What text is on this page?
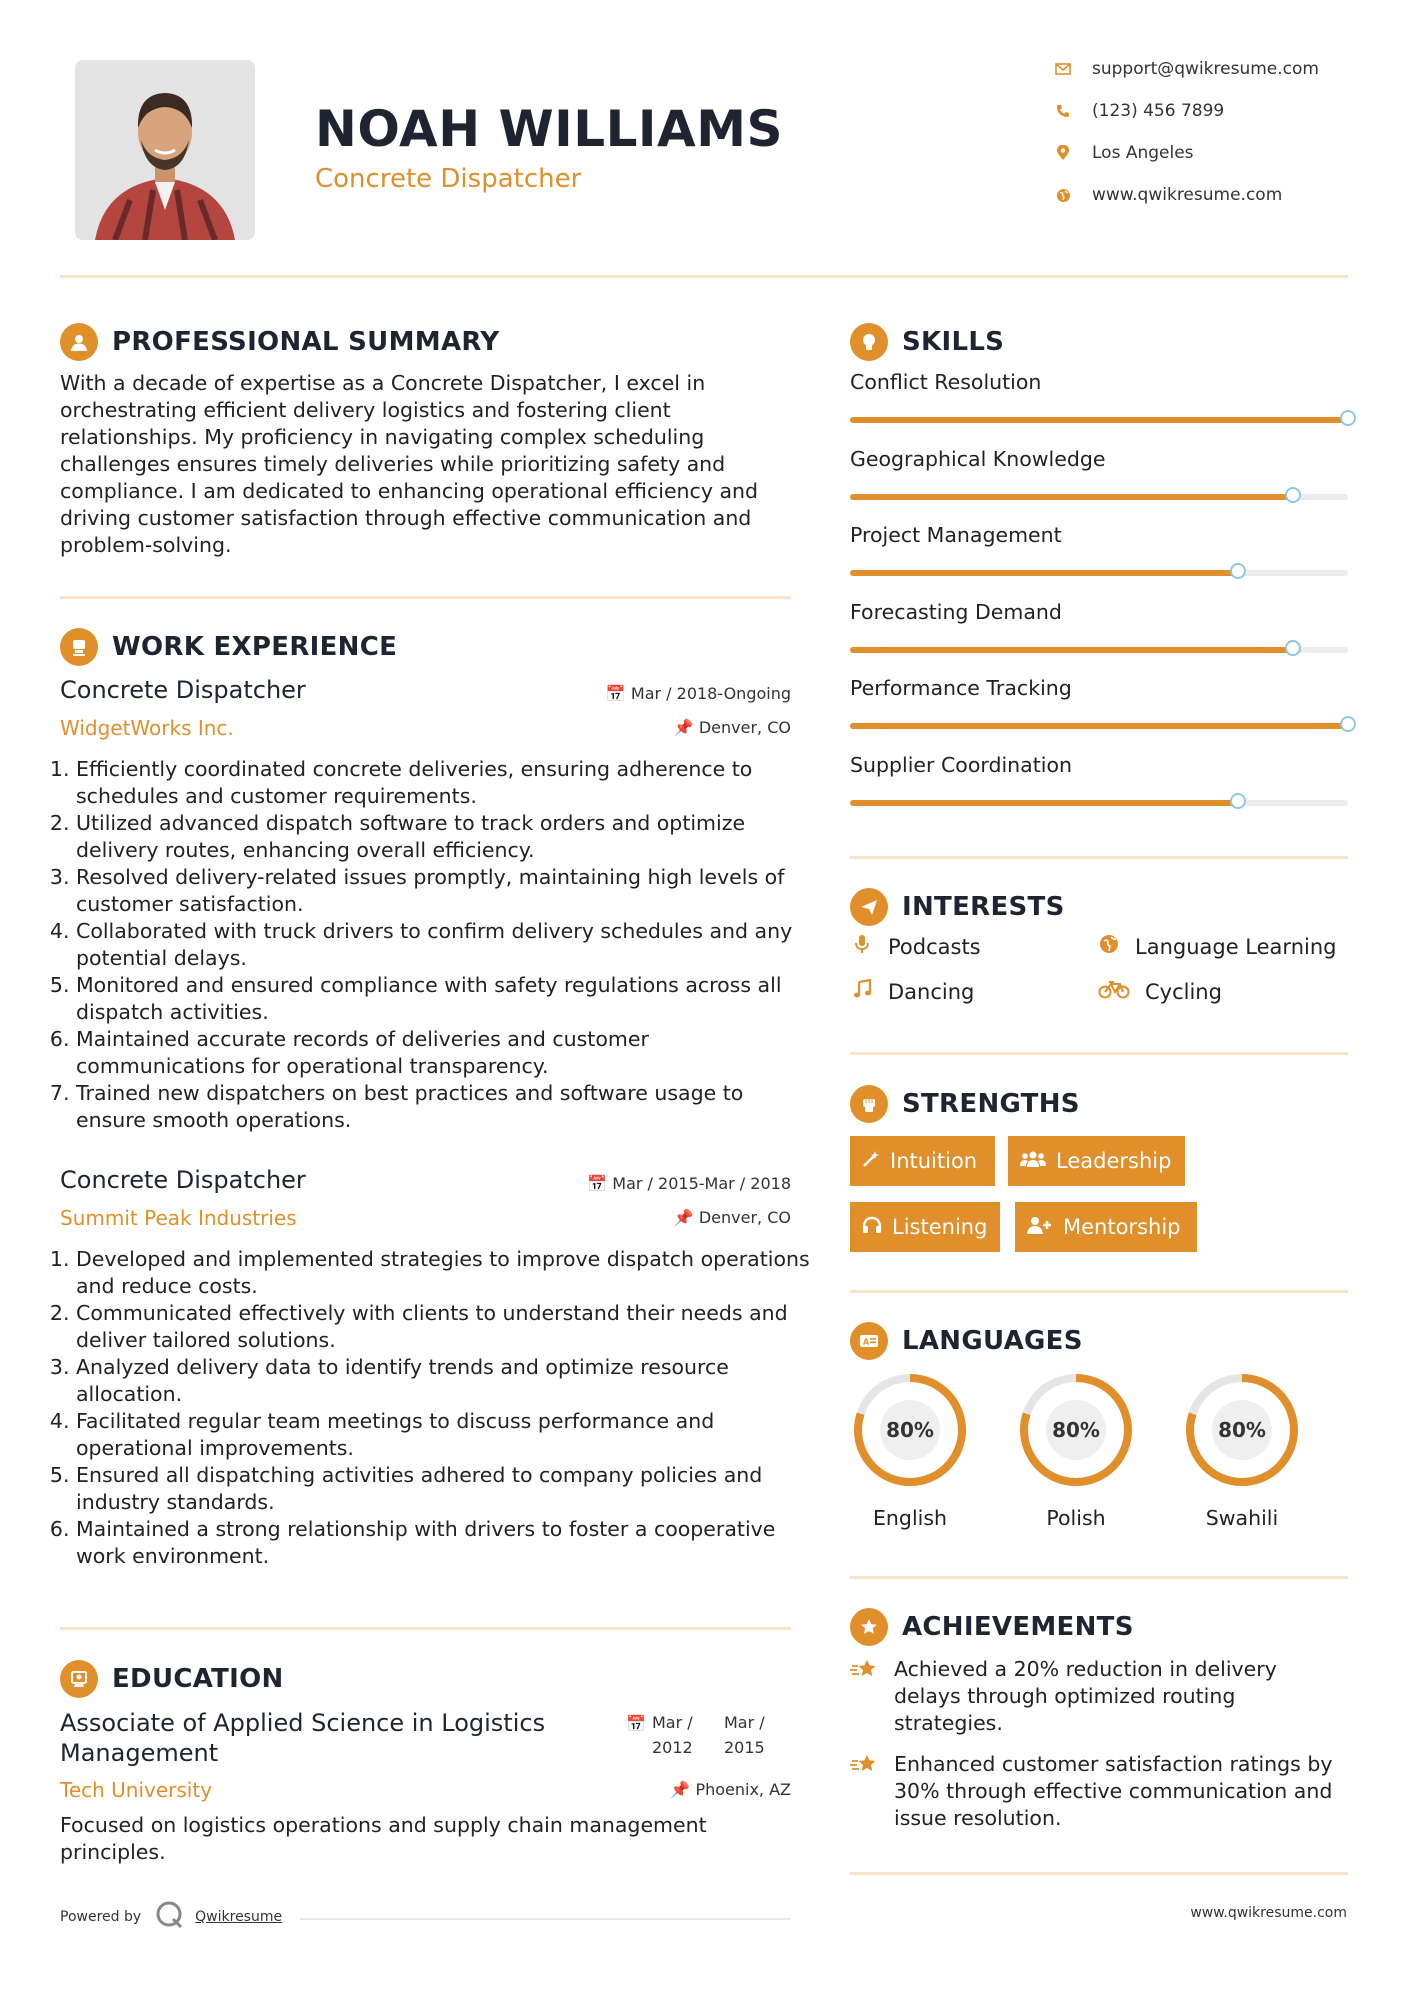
NOAH WILLIAMS
Concrete Dispatcher
support@qwikresume.com
(123) 456 7899
Los Angeles
www.qwikresume.com
PROFESSIONAL SUMMARY
With a decade of expertise as a Concrete Dispatcher, I excel in orchestrating efficient delivery logistics and fostering client relationships. My proficiency in navigating complex scheduling challenges ensures timely deliveries while prioritizing safety and compliance. I am dedicated to enhancing operational efficiency and driving customer satisfaction through effective communication and problem-solving.
WORK EXPERIENCE
Concrete Dispatcher	📅 Mar / 2018-Ongoing
WidgetWorks Inc.	📌 Denver, CO
1. Efficiently coordinated concrete deliveries, ensuring adherence to schedules and customer requirements.
2. Utilized advanced dispatch software to track orders and optimize delivery routes, enhancing overall efficiency.
3. Resolved delivery-related issues promptly, maintaining high levels of customer satisfaction.
4. Collaborated with truck drivers to confirm delivery schedules and any potential delays.
5. Monitored and ensured compliance with safety regulations across all dispatch activities.
6. Maintained accurate records of deliveries and customer communications for operational transparency.
7. Trained new dispatchers on best practices and software usage to ensure smooth operations.
Concrete Dispatcher	📅 Mar / 2015-Mar / 2018
Summit Peak Industries	📌 Denver, CO
1. Developed and implemented strategies to improve dispatch operations and reduce costs.
2. Communicated effectively with clients to understand their needs and deliver tailored solutions.
3. Analyzed delivery data to identify trends and optimize resource allocation.
4. Facilitated regular team meetings to discuss performance and operational improvements.
5. Ensured all dispatching activities adhered to company policies and industry standards.
6. Maintained a strong relationship with drivers to foster a cooperative work environment.
EDUCATION
Associate of Applied Science in Logistics Management
📅 Mar / 2012
Mar / 2015
Tech University	📌 Phoenix, AZ
Focused on logistics operations and supply chain management principles.
Powered by	Qwikresume	www.qwikresume.com
SKILLS
Conflict Resolution
Geographical Knowledge
Project Management
Forecasting Demand
Performance Tracking
Supplier Coordination
INTERESTS
Podcasts	Language Learning
Dancing	Cycling
STRENGTHS
Intuition	Leadership
Listening	Mentorship
A LANGUAGES
80%
English
80%
Polish
80%
Swahili
ACHIEVEMENTS
Achieved a 20% reduction in delivery delays through optimized routing strategies.
Enhanced customer satisfaction ratings by 30% through effective communication and issue resolution.
